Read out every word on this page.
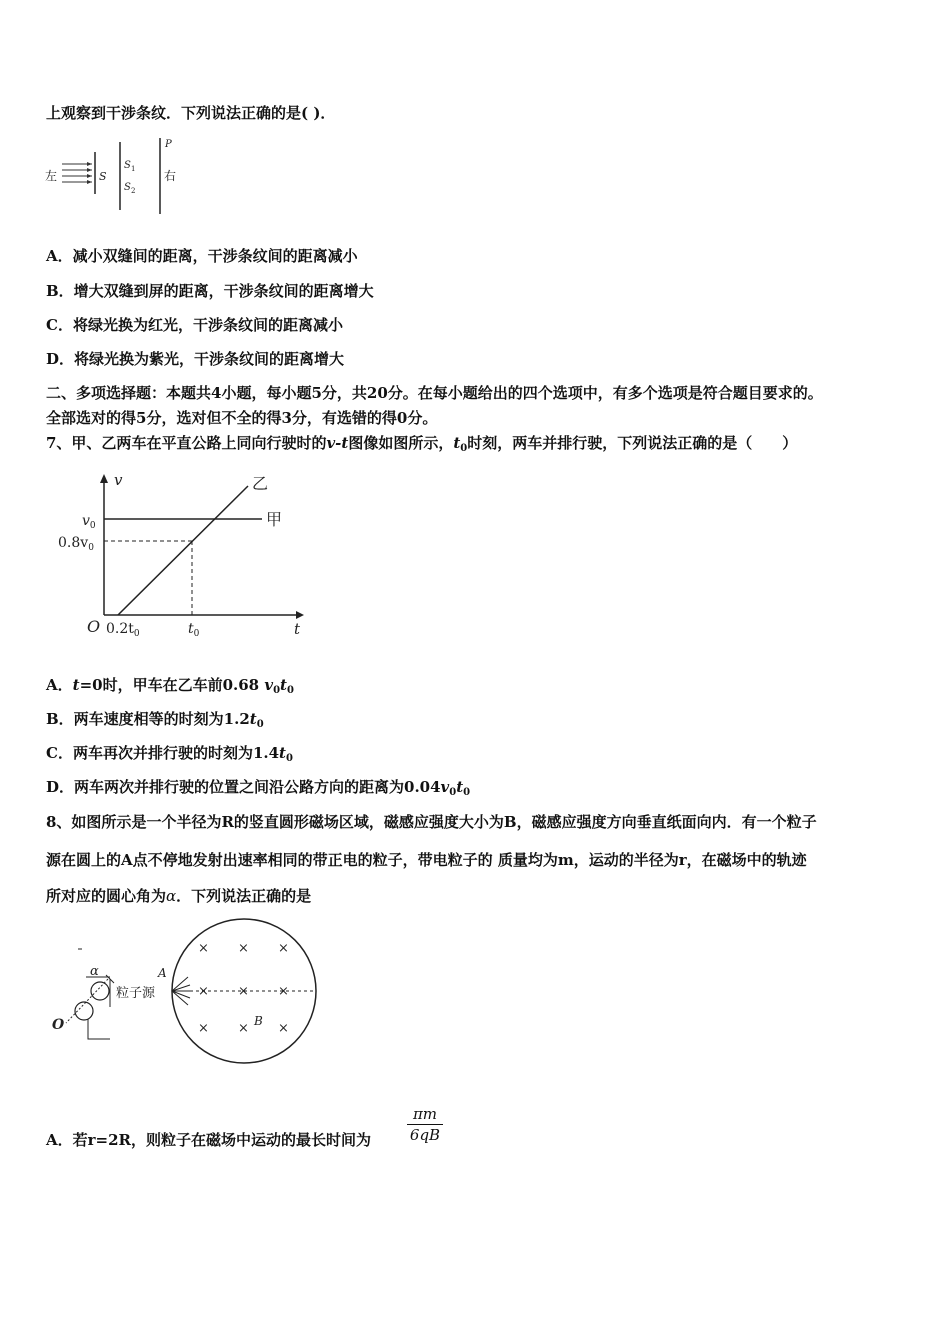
上观察到干涉条纹．下列说法正确的是( )．
左	S
S 1
S 2
P
右
A．减小双缝间的距离，干涉条纹间的距离减小
B．增大双缝到屏的距离，干涉条纹间的距离增大
C．将绿光换为红光，干涉条纹间的距离减小
D．将绿光换为紫光，干涉条纹间的距离增大
二、多项选择题：本题共4小题，每小题5分，共20分。在每小题给出的四个选项中，有多个选项是符合题目要求的。
全部选对的得5分，选对但不全的得3分，有选错的得0分。
7、甲、乙两车在平直公路上同向行驶时的v-t图像如图所示，$t_0$时刻，两车并排行驶，下列说法正确的是（　　）
v
t
O
甲
乙
$v_0$
$0.8v_0$
$0.2t_0$	$t_0$
A．t=0时，甲车在乙车前0.68 $v_0t_0$
B．两车速度相等的时刻为$1.2t_0$
C．两车再次并排行驶的时刻为$1.4t_0$
D．两车两次并排行驶的位置之间沿公路方向的距离为$0.04v_0t_0$
8、如图所示是一个半径为R的竖直圆形磁场区域，磁感应强度大小为B，磁感应强度方向垂直纸面向内．有一个粒子
源在圆上的A点不停地发射出速率相同的带正电的粒子，带电粒子的 质量均为m，运动的半径为r，在磁场中的轨迹
所对应的圆心角为α．下列说法正确的是
× × ×
× × ×
× × ×
A
B
粒子源
α
O
A．若r=2R，则粒子在磁场中运动的最长时间为 $\frac{\pi m}{6qB}$
